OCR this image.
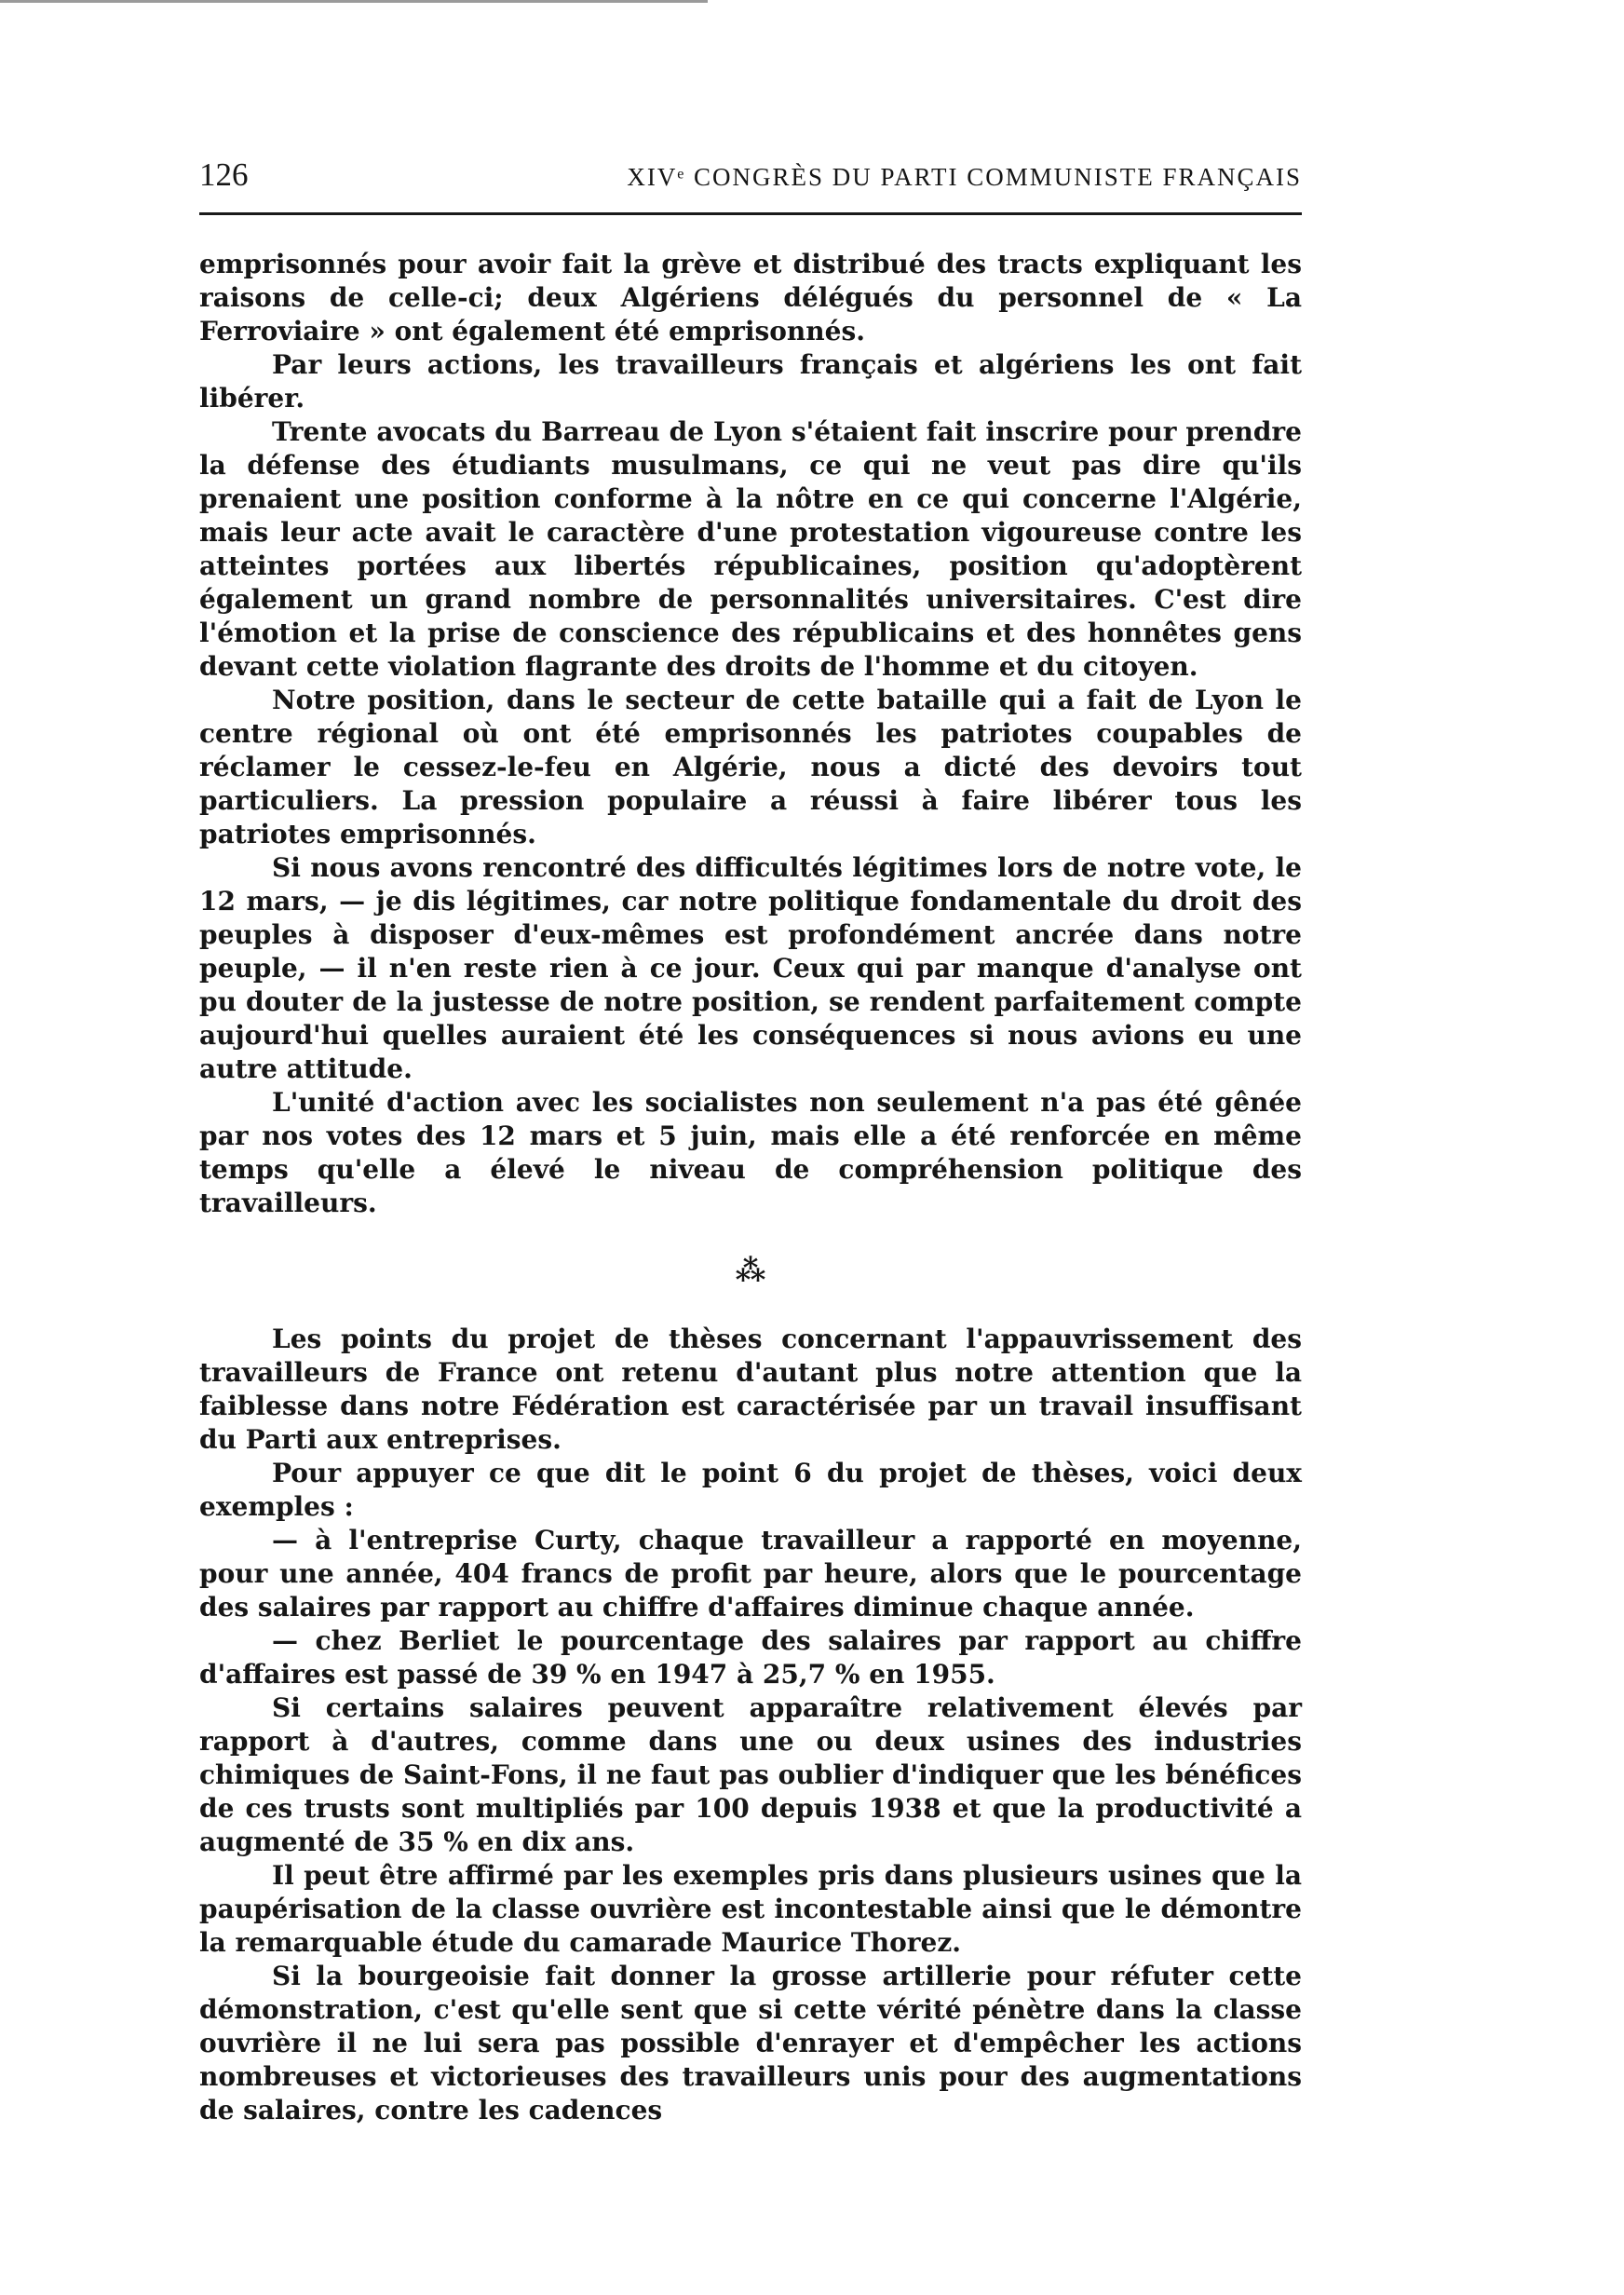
126	XIVᵉ CONGRÈS DU PARTI COMMUNISTE FRANÇAIS

emprisonnés pour avoir fait la grève et distribué des tracts expliquant les raisons de celle-ci; deux Algériens délégués du personnel de « La Ferroviaire » ont également été emprisonnés.

Par leurs actions, les travailleurs français et algériens les ont fait libérer.

Trente avocats du Barreau de Lyon s'étaient fait inscrire pour prendre la défense des étudiants musulmans, ce qui ne veut pas dire qu'ils prenaient une position conforme à la nôtre en ce qui concerne l'Algérie, mais leur acte avait le caractère d'une protestation vigoureuse contre les atteintes portées aux libertés républicaines, position qu'adoptèrent également un grand nombre de personnalités universitaires. C'est dire l'émotion et la prise de conscience des républicains et des honnêtes gens devant cette violation flagrante des droits de l'homme et du citoyen.

Notre position, dans le secteur de cette bataille qui a fait de Lyon le centre régional où ont été emprisonnés les patriotes coupables de réclamer le cessez-le-feu en Algérie, nous a dicté des devoirs tout particuliers. La pression populaire a réussi à faire libérer tous les patriotes emprisonnés.

Si nous avons rencontré des difficultés légitimes lors de notre vote, le 12 mars, — je dis légitimes, car notre politique fondamentale du droit des peuples à disposer d'eux-mêmes est profondément ancrée dans notre peuple, — il n'en reste rien à ce jour. Ceux qui par manque d'analyse ont pu douter de la justesse de notre position, se rendent parfaitement compte aujourd'hui quelles auraient été les conséquences si nous avions eu une autre attitude.

L'unité d'action avec les socialistes non seulement n'a pas été gênée par nos votes des 12 mars et 5 juin, mais elle a été renforcée en même temps qu'elle a élevé le niveau de compréhension politique des travailleurs.

⁂

Les points du projet de thèses concernant l'appauvrissement des travailleurs de France ont retenu d'autant plus notre attention que la faiblesse dans notre Fédération est caractérisée par un travail insuffisant du Parti aux entreprises.

Pour appuyer ce que dit le point 6 du projet de thèses, voici deux exemples :

— à l'entreprise Curty, chaque travailleur a rapporté en moyenne, pour une année, 404 francs de profit par heure, alors que le pourcentage des salaires par rapport au chiffre d'affaires diminue chaque année.

— chez Berliet le pourcentage des salaires par rapport au chiffre d'affaires est passé de 39 % en 1947 à 25,7 % en 1955.

Si certains salaires peuvent apparaître relativement élevés par rapport à d'autres, comme dans une ou deux usines des industries chimiques de Saint-Fons, il ne faut pas oublier d'indiquer que les bénéfices de ces trusts sont multipliés par 100 depuis 1938 et que la productivité a augmenté de 35 % en dix ans.

Il peut être affirmé par les exemples pris dans plusieurs usines que la paupérisation de la classe ouvrière est incontestable ainsi que le démontre la remarquable étude du camarade Maurice Thorez.

Si la bourgeoisie fait donner la grosse artillerie pour réfuter cette démonstration, c'est qu'elle sent que si cette vérité pénètre dans la classe ouvrière il ne lui sera pas possible d'enrayer et d'empêcher les actions nombreuses et victorieuses des travailleurs unis pour des augmentations de salaires, contre les cadences
